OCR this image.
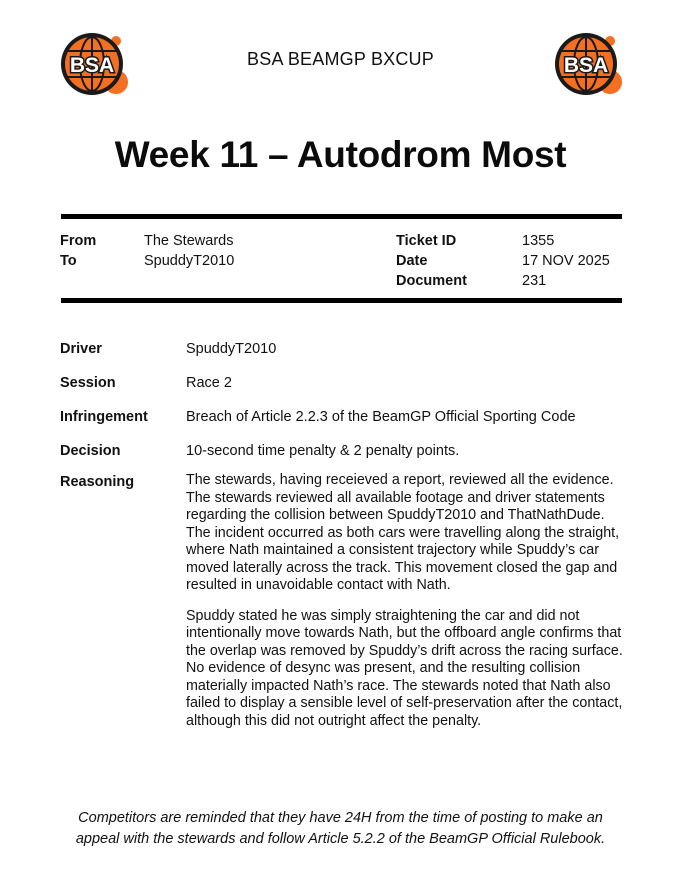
BSA	BSA
BSA BEAMGP BXCUP
Week 11 – Autodrom Most
From	The Stewards
To	SpuddyT2010
Ticket ID	1355
Date	17 NOV 2025
Document	231
Driver	SpuddyT2010
Session	Race 2
Infringement	Breach of Article 2.2.3 of the BeamGP Official Sporting Code
Decision	10-second time penalty & 2 penalty points.
Reasoning	The stewards, having receieved a report, reviewed all the evidence. The stewards reviewed all available footage and driver statements regarding the collision between SpuddyT2010 and ThatNathDude. The incident occurred as both cars were travelling along the straight, where Nath maintained a consistent trajectory while Spuddy’s car moved laterally across the track. This movement closed the gap and resulted in unavoidable contact with Nath.

Spuddy stated he was simply straightening the car and did not intentionally move towards Nath, but the offboard angle confirms that the overlap was removed by Spuddy’s drift across the racing surface. No evidence of desync was present, and the resulting collision materially impacted Nath’s race. The stewards noted that Nath also failed to display a sensible level of self-preservation after the contact, although this did not outright affect the penalty.

Competitors are reminded that they have 24H from the time of posting to make an
appeal with the stewards and follow Article 5.2.2 of the BeamGP Official Rulebook.
